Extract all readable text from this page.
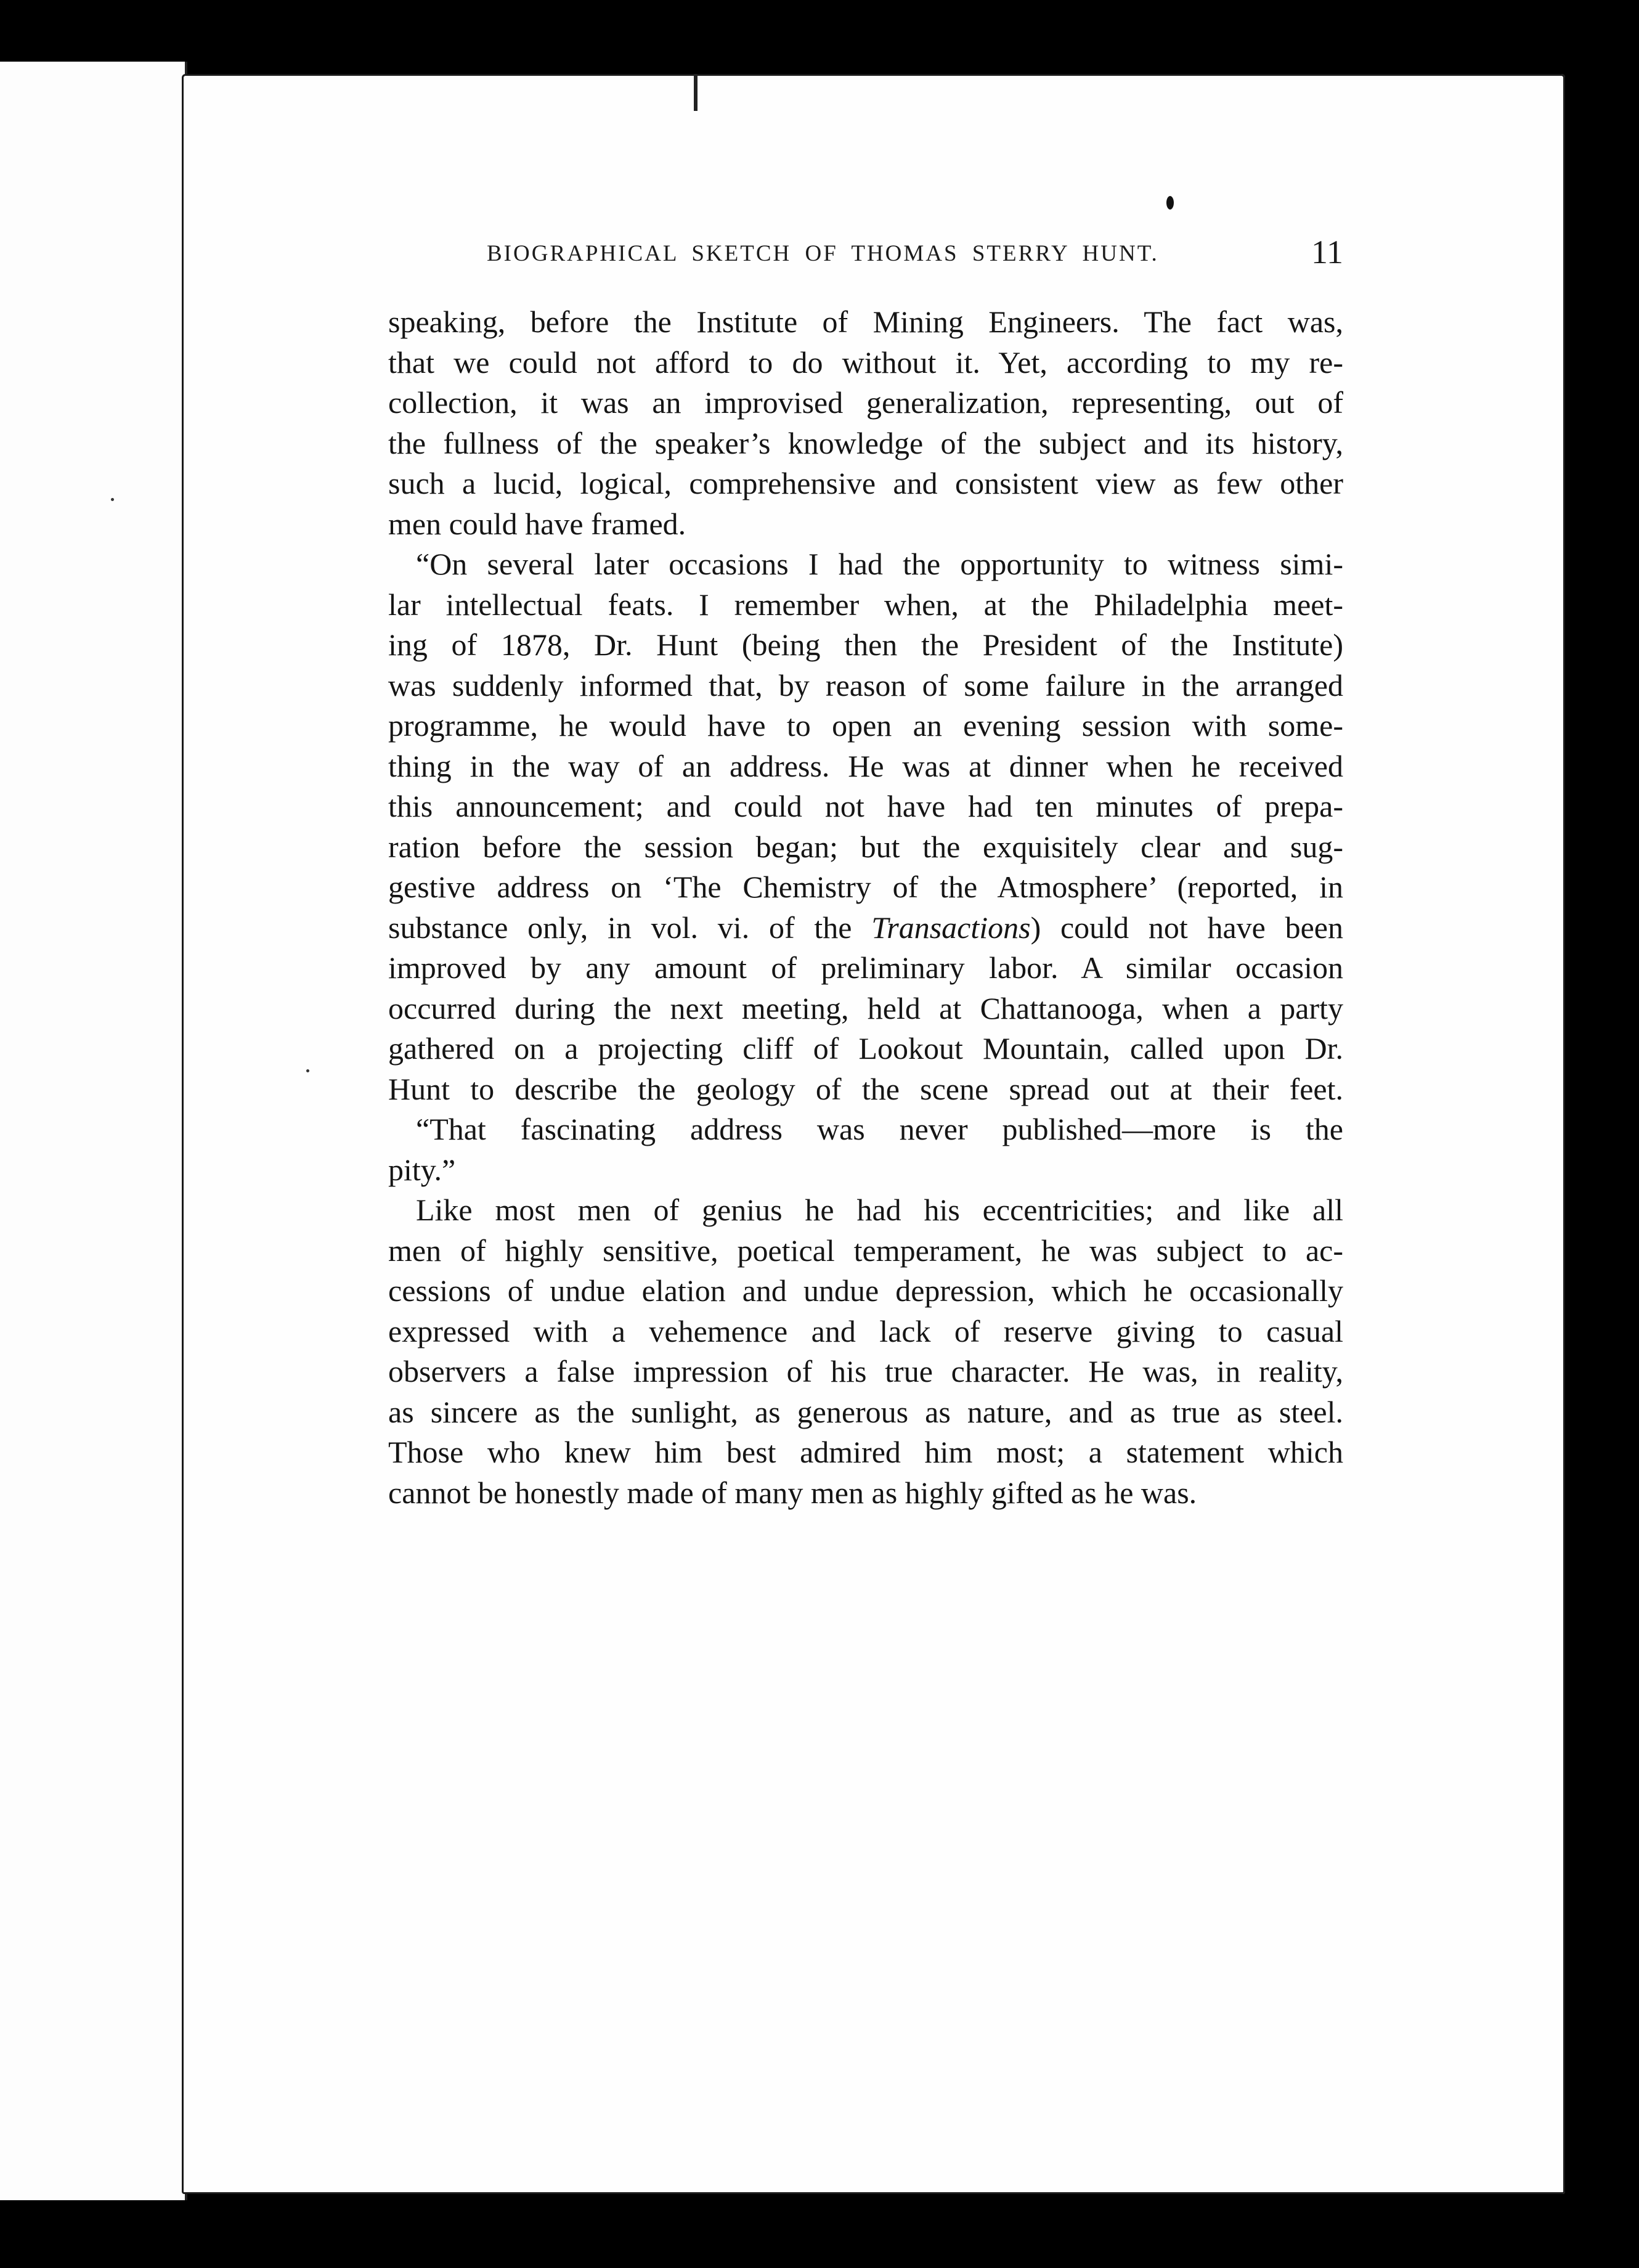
BIOGRAPHICAL SKETCH OF THOMAS STERRY HUNT.	11
speaking, before the Institute of Mining Engineers. The fact was,
that we could not afford to do without it. Yet, according to my re-
collection, it was an improvised generalization, representing, out of
the fullness of the speaker’s knowledge of the subject and its history,
such a lucid, logical, comprehensive and consistent view as few other
men could have framed.
“On several later occasions I had the opportunity to witness simi-
lar intellectual feats. I remember when, at the Philadelphia meet-
ing of 1878, Dr. Hunt (being then the President of the Institute)
was suddenly informed that, by reason of some failure in the arranged
programme, he would have to open an evening session with some-
thing in the way of an address. He was at dinner when he received
this announcement; and could not have had ten minutes of prepa-
ration before the session began; but the exquisitely clear and sug-
gestive address on ‘The Chemistry of the Atmosphere’ (reported, in
substance only, in vol. vi. of the Transactions) could not have been
improved by any amount of preliminary labor. A similar occasion
occurred during the next meeting, held at Chattanooga, when a party
gathered on a projecting cliff of Lookout Mountain, called upon Dr.
Hunt to describe the geology of the scene spread out at their feet.
“That fascinating address was never published—more is the
pity.”
Like most men of genius he had his eccentricities; and like all
men of highly sensitive, poetical temperament, he was subject to ac-
cessions of undue elation and undue depression, which he occasionally
expressed with a vehemence and lack of reserve giving to casual
observers a false impression of his true character. He was, in reality,
as sincere as the sunlight, as generous as nature, and as true as steel.
Those who knew him best admired him most; a statement which
cannot be honestly made of many men as highly gifted as he was.
